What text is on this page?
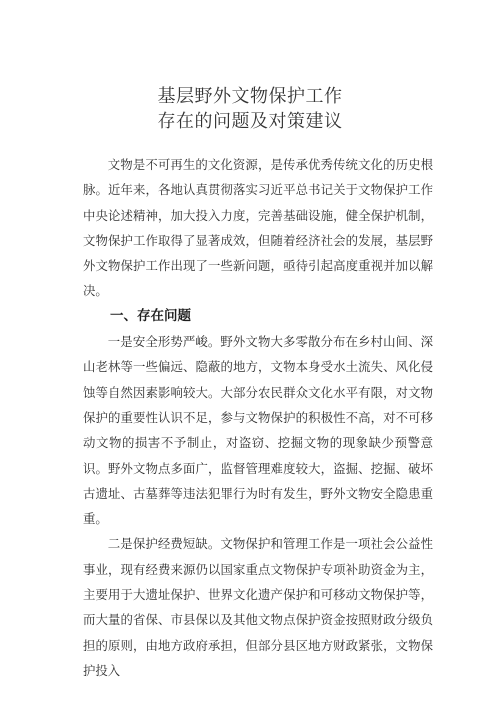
基层野外文物保护工作
存在的问题及对策建议

文物是不可再生的文化资源，是传承优秀传统文化的历史根脉。近年来，各地认真贯彻落实习近平总书记关于文物保护工作中央论述精神，加大投入力度，完善基础设施，健全保护机制，文物保护工作取得了显著成效，但随着经济社会的发展，基层野外文物保护工作出现了一些新问题，亟待引起高度重视并加以解决。

一、存在问题

一是安全形势严峻。野外文物大多零散分布在乡村山间、深山老林等一些偏远、隐蔽的地方，文物本身受水土流失、风化侵蚀等自然因素影响较大。大部分农民群众文化水平有限，对文物保护的重要性认识不足，参与文物保护的积极性不高，对不可移动文物的损害不予制止，对盗窃、挖掘文物的现象缺少预警意识。野外文物点多面广，监督管理难度较大，盗掘、挖掘、破坏古遗址、古墓葬等违法犯罪行为时有发生，野外文物安全隐患重重。

二是保护经费短缺。文物保护和管理工作是一项社会公益性事业，现有经费来源仍以国家重点文物保护专项补助资金为主，主要用于大遗址保护、世界文化遗产保护和可移动文物保护等，而大量的省保、市县保以及其他文物点保护资金按照财政分级负担的原则，由地方政府承担，但部分县区地方财政紧张，文物保护投入
